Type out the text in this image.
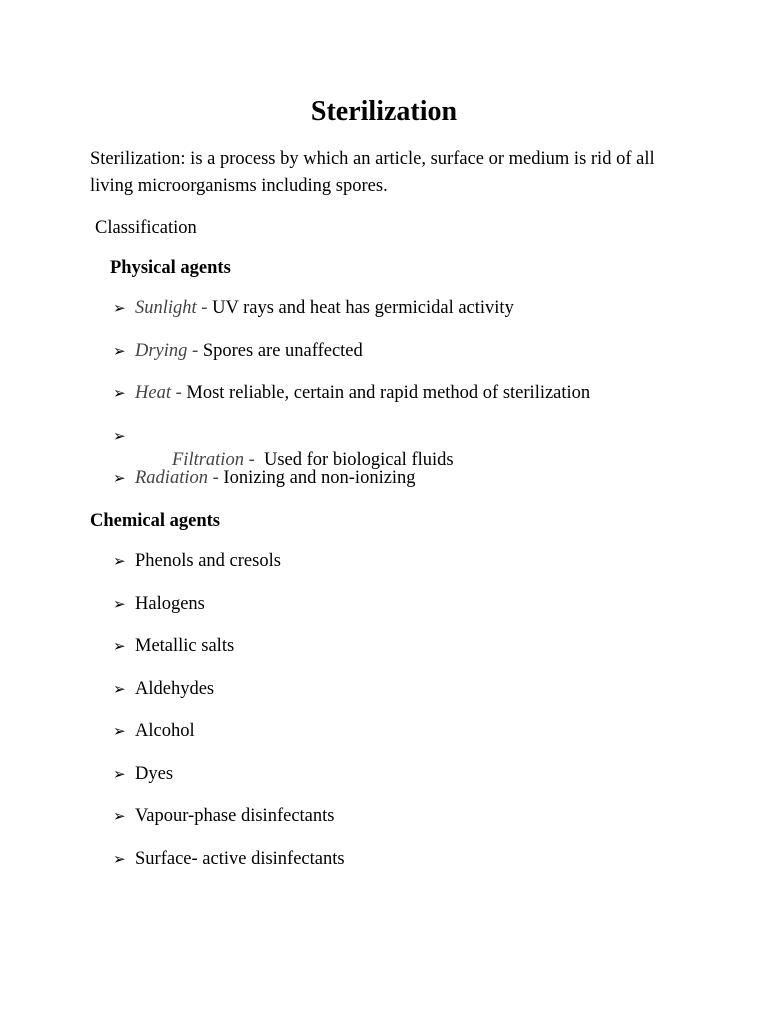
Sterilization
Sterilization: is a process by which an article, surface or medium is rid of all living microorganisms including spores.
Classification
Physical agents
➢ Sunlight - UV rays and heat has germicidal activity
➢ Drying - Spores are unaffected
➢ Heat - Most reliable, certain and rapid method of sterilization
➢

Filtration -  Used for biological fluids

➢ Radiation - Ionizing and non-ionizing
Chemical agents
➢ Phenols and cresols
➢ Halogens
➢ Metallic salts
➢ Aldehydes
➢ Alcohol
➢ Dyes
➢ Vapour-phase disinfectants
➢ Surface- active disinfectants
